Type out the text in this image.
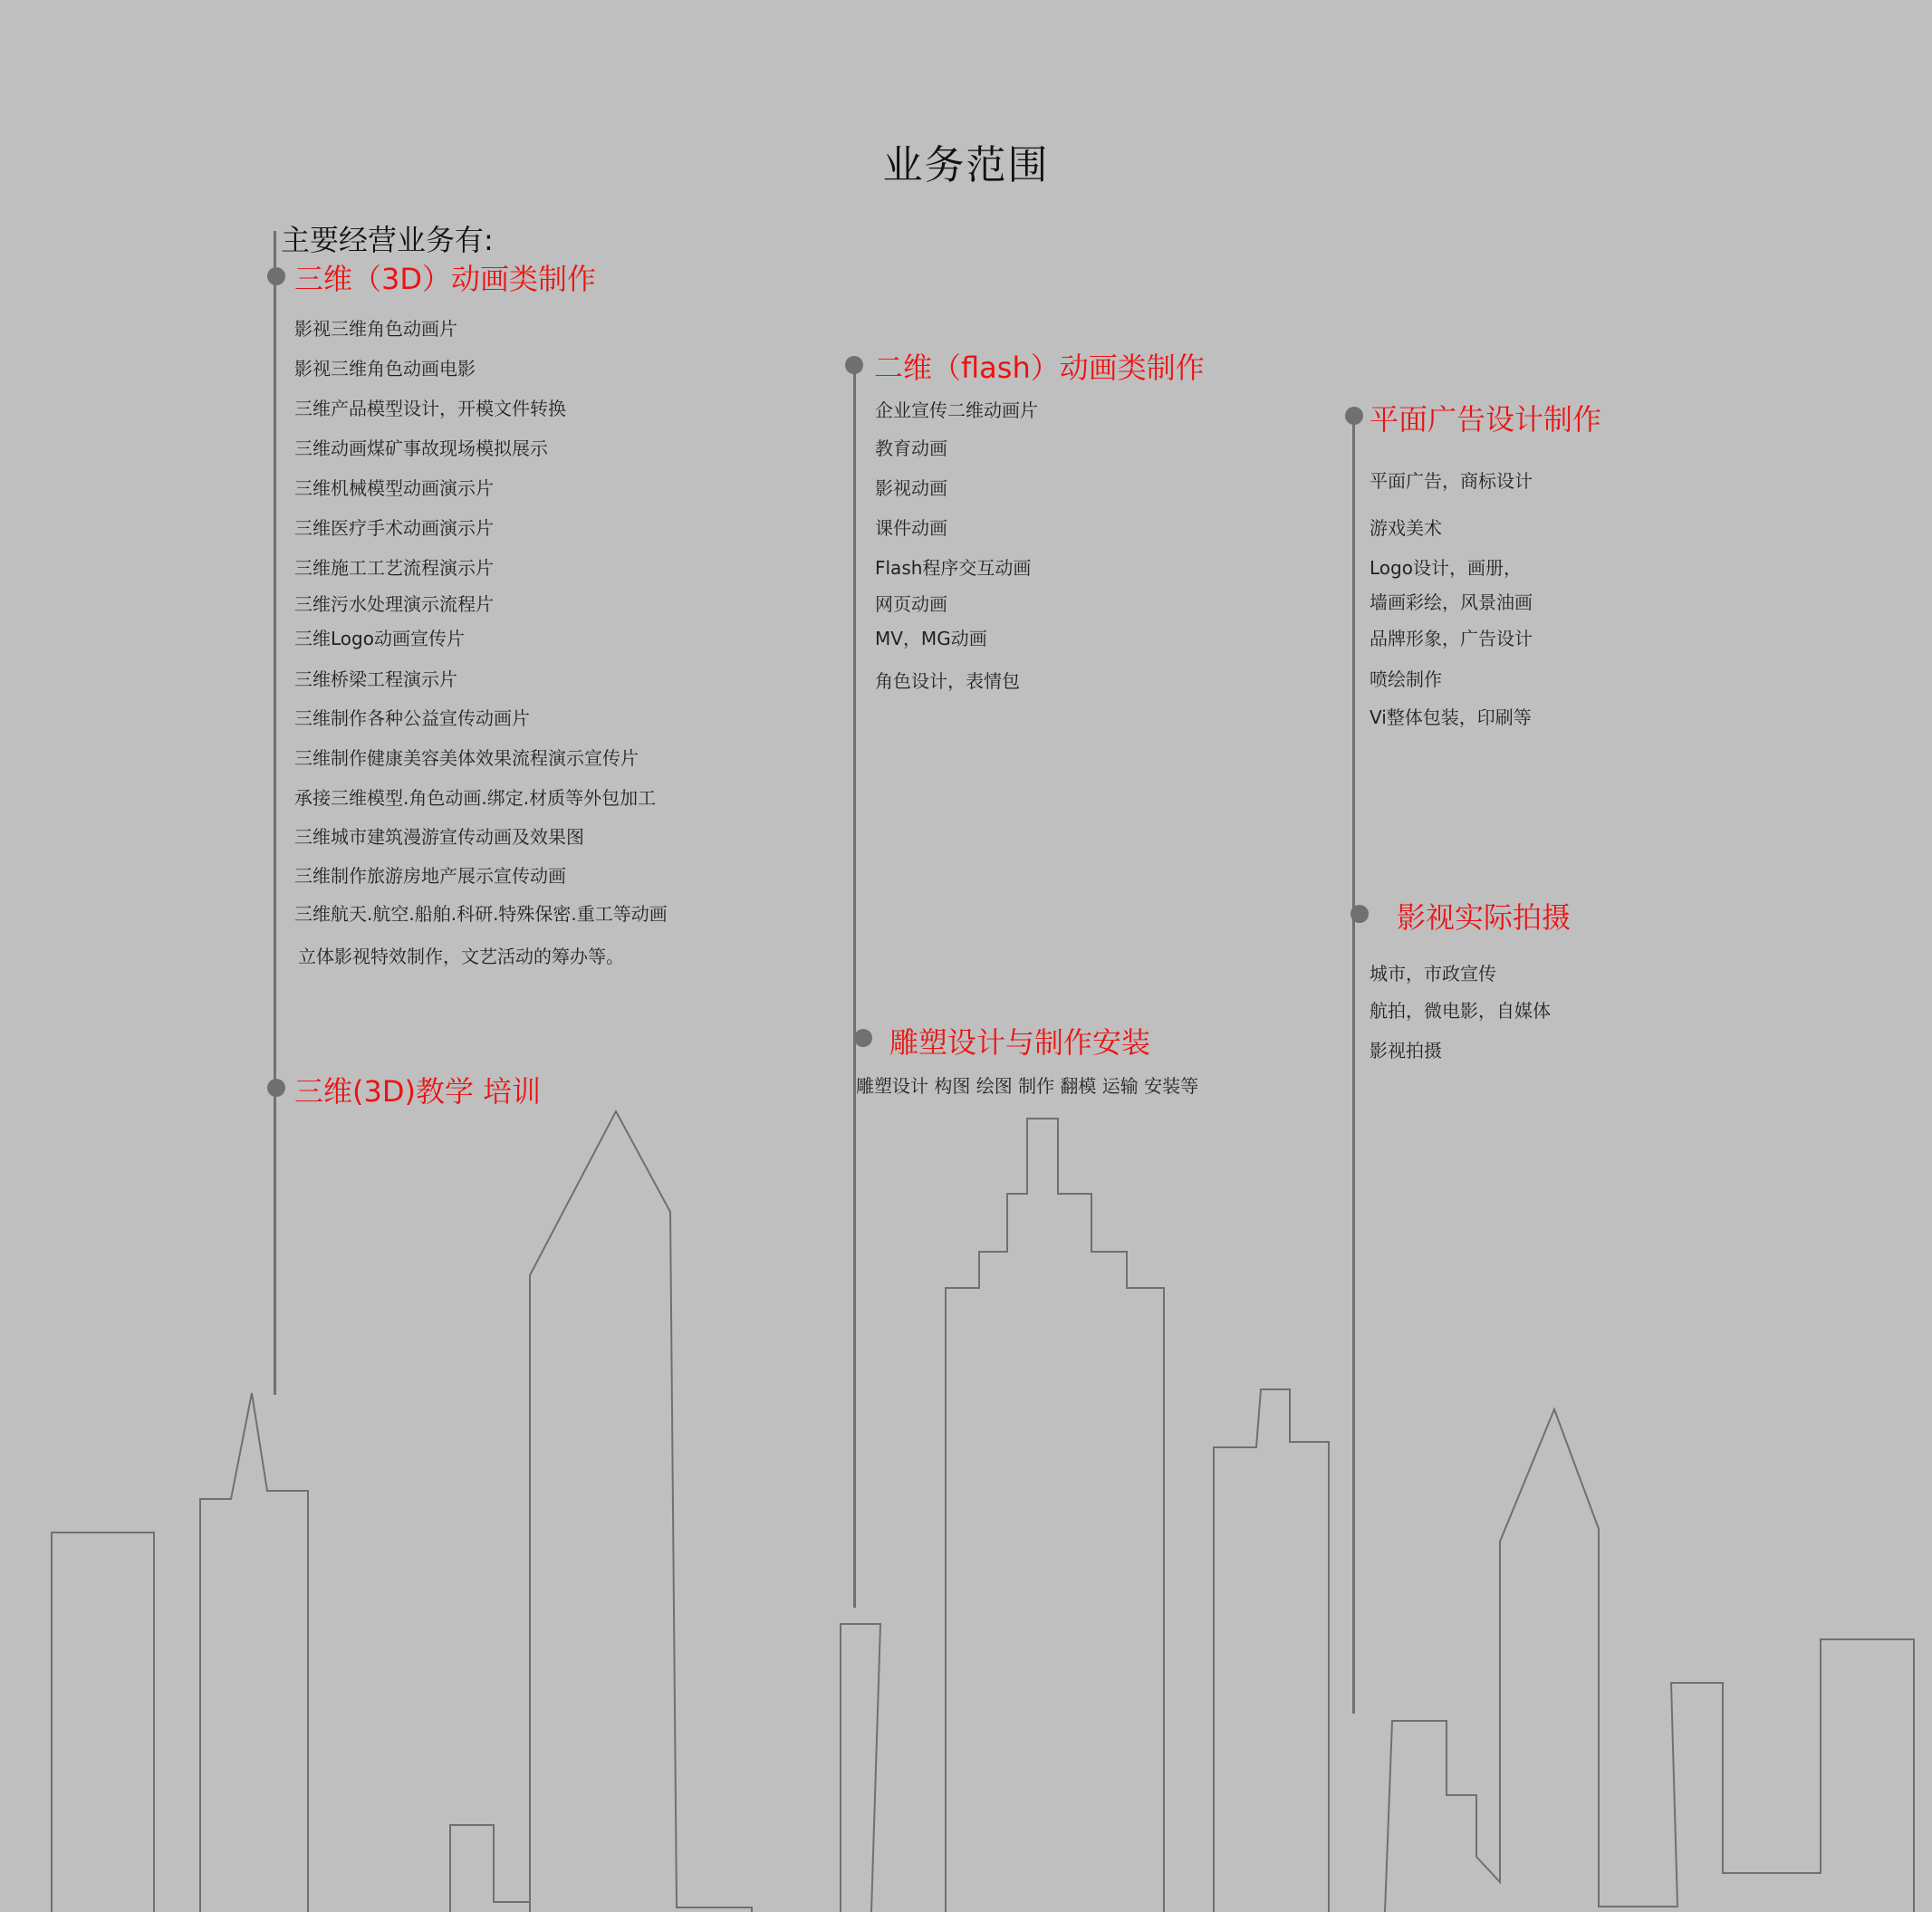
业务范围
主要经营业务有:
三维（3D）动画类制作
影视三维角色动画片
影视三维角色动画电影
三维产品模型设计，开模文件转换
三维动画煤矿事故现场模拟展示
三维机械模型动画演示片
三维医疗手术动画演示片
三维施工工艺流程演示片
三维污水处理演示流程片
三维Logo动画宣传片
三维桥梁工程演示片
三维制作各种公益宣传动画片
三维制作健康美容美体效果流程演示宣传片
承接三维模型.角色动画.绑定.材质等外包加工
三维城市建筑漫游宣传动画及效果图
三维制作旅游房地产展示宣传动画
三维航天.航空.船舶.科研.特殊保密.重工等动画
立体影视特效制作，文艺活动的筹办等。
三维(3D)教学 培训
二维（flash）动画类制作
企业宣传二维动画片
教育动画
影视动画
课件动画
Flash程序交互动画
网页动画
MV，MG动画
角色设计，表情包
雕塑设计与制作安装
雕塑设计 构图 绘图 制作 翻模 运输 安装等
平面广告设计制作
平面广告，商标设计
游戏美术
Logo设计，画册，
墙画彩绘，风景油画
品牌形象，广告设计
喷绘制作
Vi整体包装，印刷等
影视实际拍摄
城市，市政宣传
航拍，微电影，自媒体
影视拍摄
